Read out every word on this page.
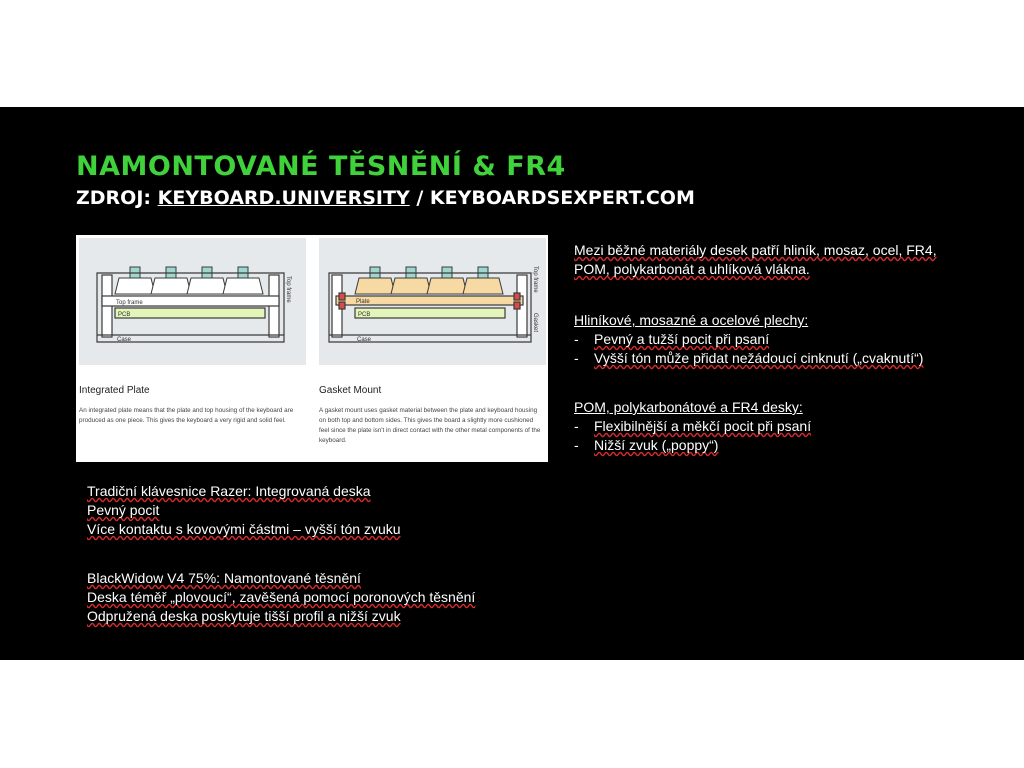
NAMONTOVANÉ TĚSNĚNÍ & FR4
ZDROJ: KEYBOARD.UNIVERSITY / KEYBOARDSEXPERT.COM
Top frame
PCB
Case
Top frame
Integrated Plate
An integrated plate means that the plate and top housing of the keyboard are produced as one piece. This gives the keyboard a very rigid and solid feel.
Plate
PCB
Case
Top frame
Gasket
Gasket Mount
A gasket mount uses gasket material between the plate and keyboard housing on both top and bottom sides. This gives the board a slightly more cushioned feel since the plate isn't in direct contact with the other metal components of the keyboard.
Mezi běžné materiály desek patří hliník, mosaz, ocel, FR4,
POM, polykarbonát a uhlíková vlákna.
Hliníkové, mosazné a ocelové plechy:
- Pevný a tužší pocit při psaní
- Vyšší tón může přidat nežádoucí cinknutí („cvaknutí“)
POM, polykarbonátové a FR4 desky:
- Flexibilnější a měkčí pocit při psaní
- Nižší zvuk („poppy“)
Tradiční klávesnice Razer: Integrovaná deska
Pevný pocit
Více kontaktu s kovovými částmi – vyšší tón zvuku
BlackWidow V4 75%: Namontované těsnění
Deska téměř „plovoucí“, zavěšená pomocí poronových těsnění
Odpružená deska poskytuje tišší profil a nižší zvuk
